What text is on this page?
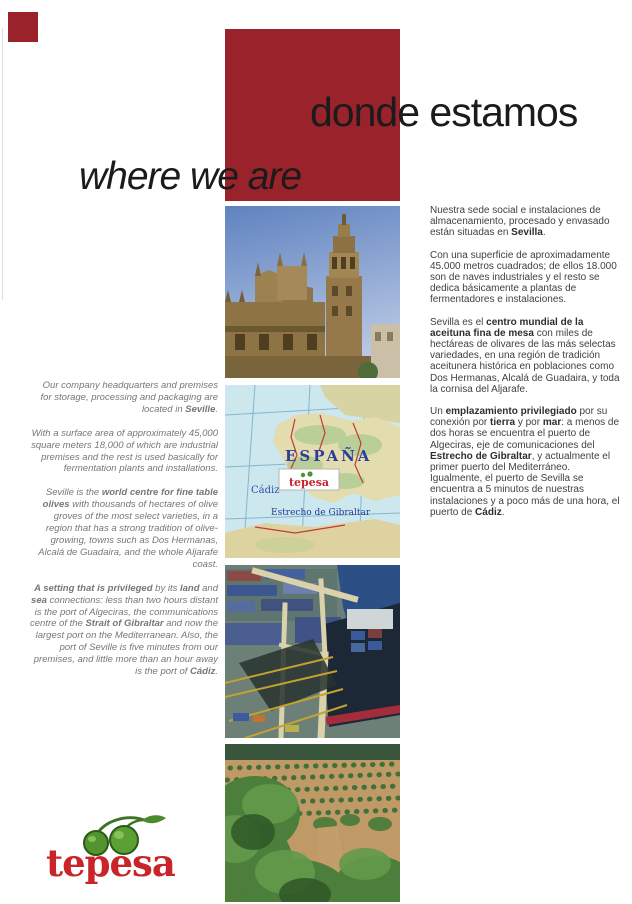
donde estamos
where we are
ESPAÑA
tepesa
Cádiz
Estrecho de Gibraltar

Our company headquarters and premises for storage, processing and packaging are located in Seville.

With a surface area of approximately 45,000 square meters 18,000 of which are industrial premises and the rest is used basically for fermentation plants and installations.

Seville is the world centre for fine table olives with thousands of hectares of olive groves of the most select varieties, in a region that has a strong tradition of olive-growing, towns such as Dos Hermanas, Alcalá de Guadaira, and the whole Aljarafe coast.

A setting that is privileged by its land and sea connections: less than two hours distant is the port of Algeciras, the communications centre of the Strait of Gibraltar and now the largest port on the Mediterranean. Also, the port of Seville is five minutes from our premises, and little more than an hour away is the port of Cádiz.

Nuestra sede social e instalaciones de almacenamiento, procesado y envasado están situadas en Sevilla.

Con una superficie de aproximadamente 45.000 metros cuadrados; de ellos 18.000 son de naves industriales y el resto se dedica básicamente a plantas de fermentadores e instalaciones.

Sevilla es el centro mundial de la aceituna fina de mesa con miles de hectáreas de olivares de las más selectas variedades, en una región de tradición aceitunera histórica en poblaciones como Dos Hermanas, Alcalá de Guadaira, y toda la cornisa del Aljarafe.

Un emplazamiento privilegiado por su conexión por tierra y por mar: a menos de dos horas se encuentra el puerto de Algeciras, eje de comunicaciones del Estrecho de Gibraltar, y actualmente el primer puerto del Mediterráneo. Igualmente, el puerto de Sevilla se encuentra a 5 minutos de nuestras instalaciones y a poco más de una hora, el puerto de Cádiz.

tepesa
